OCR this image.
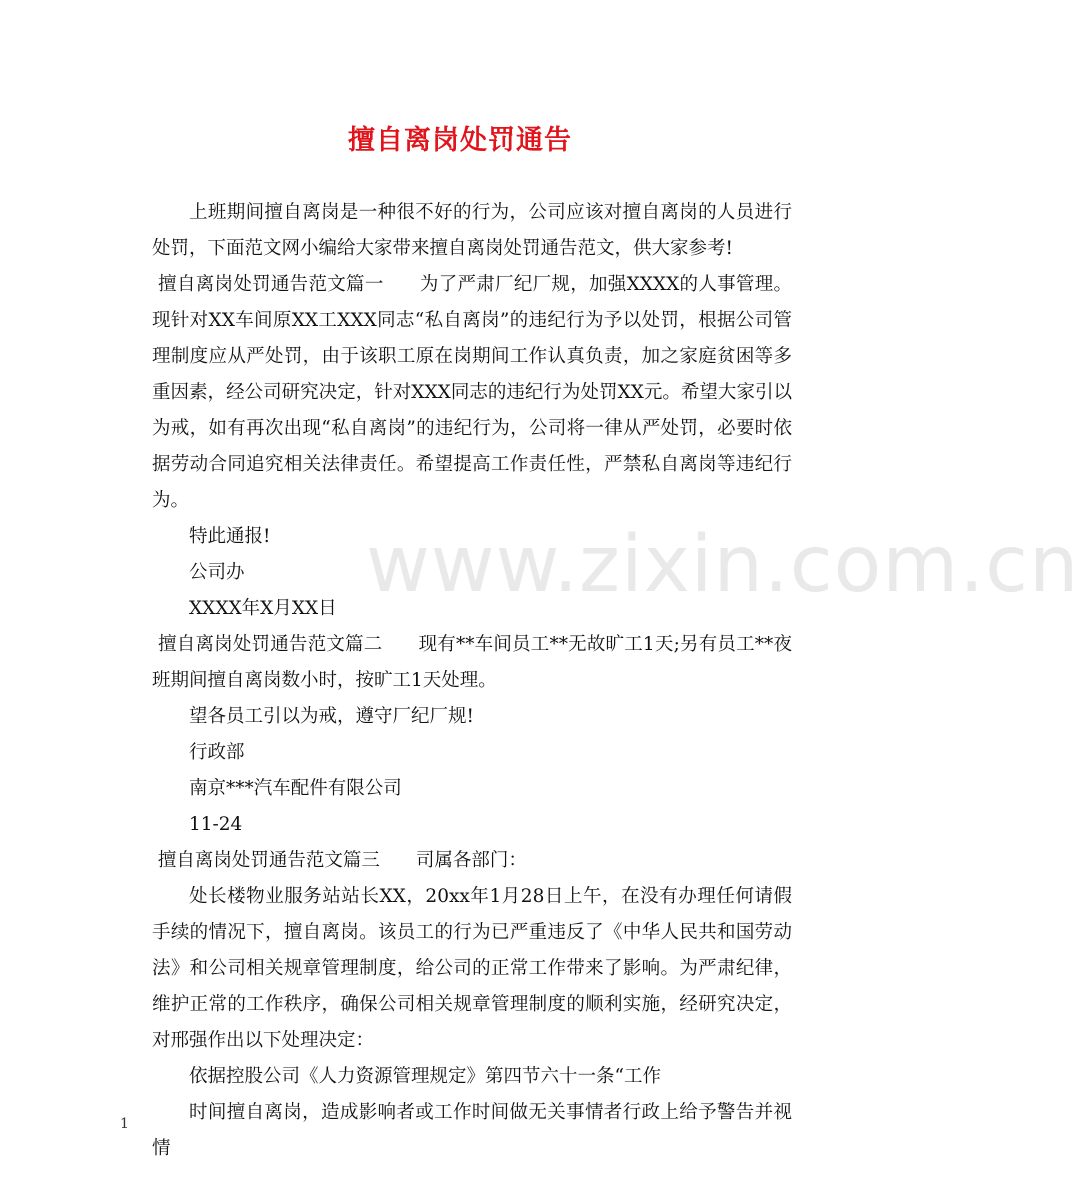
擅自离岗处罚通告
www.zixin.com.cn

上班期间擅自离岗是一种很不好的行为，公司应该对擅自离岗的人员进行处罚，下面范文网小编给大家带来擅自离岗处罚通告范文，供大家参考!

擅自离岗处罚通告范文篇一 为了严肃厂纪厂规，加强XXXX的人事管理。现针对XX车间原XX工XXX同志“私自离岗”的违纪行为予以处罚，根据公司管理制度应从严处罚，由于该职工原在岗期间工作认真负责，加之家庭贫困等多重因素，经公司研究决定，针对XXX同志的违纪行为处罚XX元。希望大家引以为戒，如有再次出现“私自离岗”的违纪行为，公司将一律从严处罚，必要时依据劳动合同追究相关法律责任。希望提高工作责任性，严禁私自离岗等违纪行为。

特此通报!

公司办

XXXX年X月XX日

擅自离岗处罚通告范文篇二 现有**车间员工**无故旷工1天;另有员工**夜班期间擅自离岗数小时，按旷工1天处理。

望各员工引以为戒，遵守厂纪厂规!

行政部

南京***汽车配件有限公司

11-24

擅自离岗处罚通告范文篇三 司属各部门：

处长楼物业服务站站长XX，20xx年1月28日上午，在没有办理任何请假手续的情况下，擅自离岗。该员工的行为已严重违反了《中华人民共和国劳动法》和公司相关规章管理制度，给公司的正常工作带来了影响。为严肃纪律，维护正常的工作秩序，确保公司相关规章管理制度的顺利实施，经研究决定，对邢强作出以下处理决定：

依据控股公司《人力资源管理规定》第四节六十一条“工作

时间擅自离岗，造成影响者或工作时间做无关事情者行政上给予警告并视情

1
